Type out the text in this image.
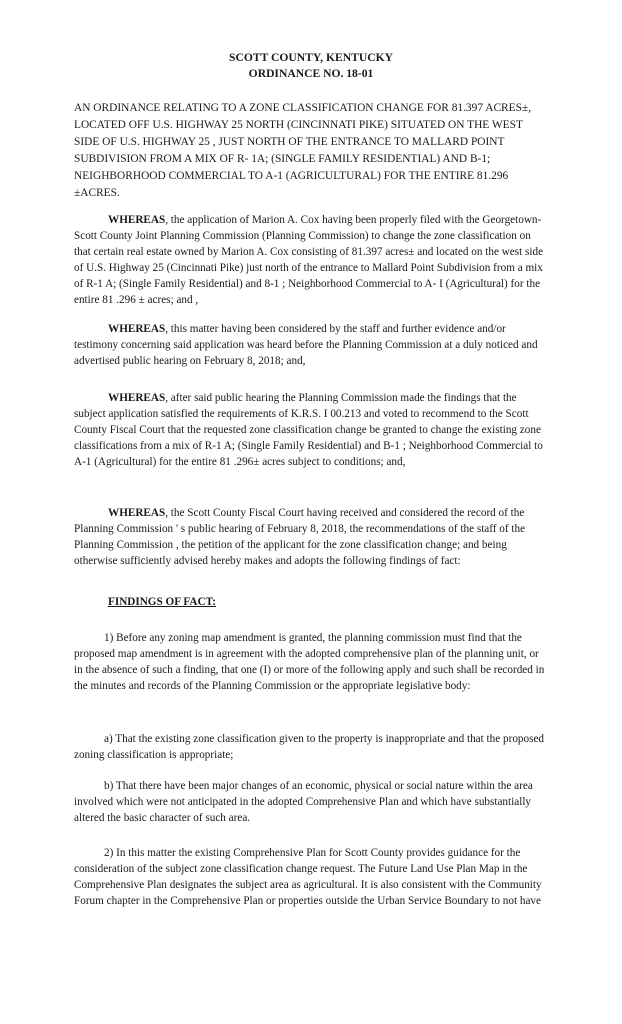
SCOTT COUNTY, KENTUCKY
ORDINANCE NO. 18-01

AN ORDINANCE RELATING TO A ZONE CLASSIFICATION CHANGE FOR 81.397 ACRES±, LOCATED OFF U.S. HIGHWAY 25 NORTH (CINCINNATI PIKE) SITUATED ON THE WEST SIDE OF U.S. HIGHWAY 25 , JUST NORTH OF THE ENTRANCE TO MALLARD POINT SUBDIVISION FROM A MIX OF R- 1A; (SINGLE FAMILY RESIDENTIAL) AND B-1; NEIGHBORHOOD COMMERCIAL TO A-1 (AGRICULTURAL) FOR THE ENTIRE 81.296 ±ACRES.

WHEREAS, the application of Marion A. Cox having been properly filed with the Georgetown- Scott County Joint Planning Commission (Planning Commission) to change the zone classification on that certain real estate owned by Marion A. Cox consisting of 81.397 acres± and located on the west side of U.S. Highway 25 (Cincinnati Pike) just north of the entrance to Mallard Point Subdivision from a mix of R-1 A; (Single Family Residential) and 8-1 ; Neighborhood Commercial to A- I (Agricultural) for the entire 81 .296 ± acres; and ,

WHEREAS, this matter having been considered by the staff and further evidence and/or testimony concerning said application was heard before the Planning Commission at a duly noticed and advertised public hearing on February 8, 2018; and,

WHEREAS, after said public hearing the Planning Commission made the findings that the subject application satisfied the requirements of K.R.S. I 00.213 and voted to recommend to the Scott County Fiscal Court that the requested zone classification change be granted to change the existing zone classifications from a mix of R-1 A; (Single Family Residential) and B-1 ; Neighborhood Commercial to A-1 (Agricultural) for the entire 81 .296± acres subject to conditions; and,

WHEREAS, the Scott County Fiscal Court having received and considered the record of the Planning Commission ' s public hearing of February 8, 2018, the recommendations of the staff of the Planning Commission , the petition of the applicant for the zone classification change; and being otherwise sufficiently advised hereby makes and adopts the following findings of fact:

FINDINGS OF FACT:

1) Before any zoning map amendment is granted, the planning commission must find that the proposed map amendment is in agreement with the adopted comprehensive plan of the planning unit, or in the absence of such a finding, that one (I) or more of the following apply and such shall be recorded in the minutes and records of the Planning Commission or the appropriate legislative body:

a) That the existing zone classification given to the property is inappropriate and that the proposed zoning classification is appropriate;

b) That there have been major changes of an economic, physical or social nature within the area involved which were not anticipated in the adopted Comprehensive Plan and which have substantially altered the basic character of such area.

2) In this matter the existing Comprehensive Plan for Scott County provides guidance for the consideration of the subject zone classification change request. The Future Land Use Plan Map in the Comprehensive Plan designates the subject area as agricultural. It is also consistent with the Community Forum chapter in the Comprehensive Plan or properties outside the Urban Service Boundary to not have
